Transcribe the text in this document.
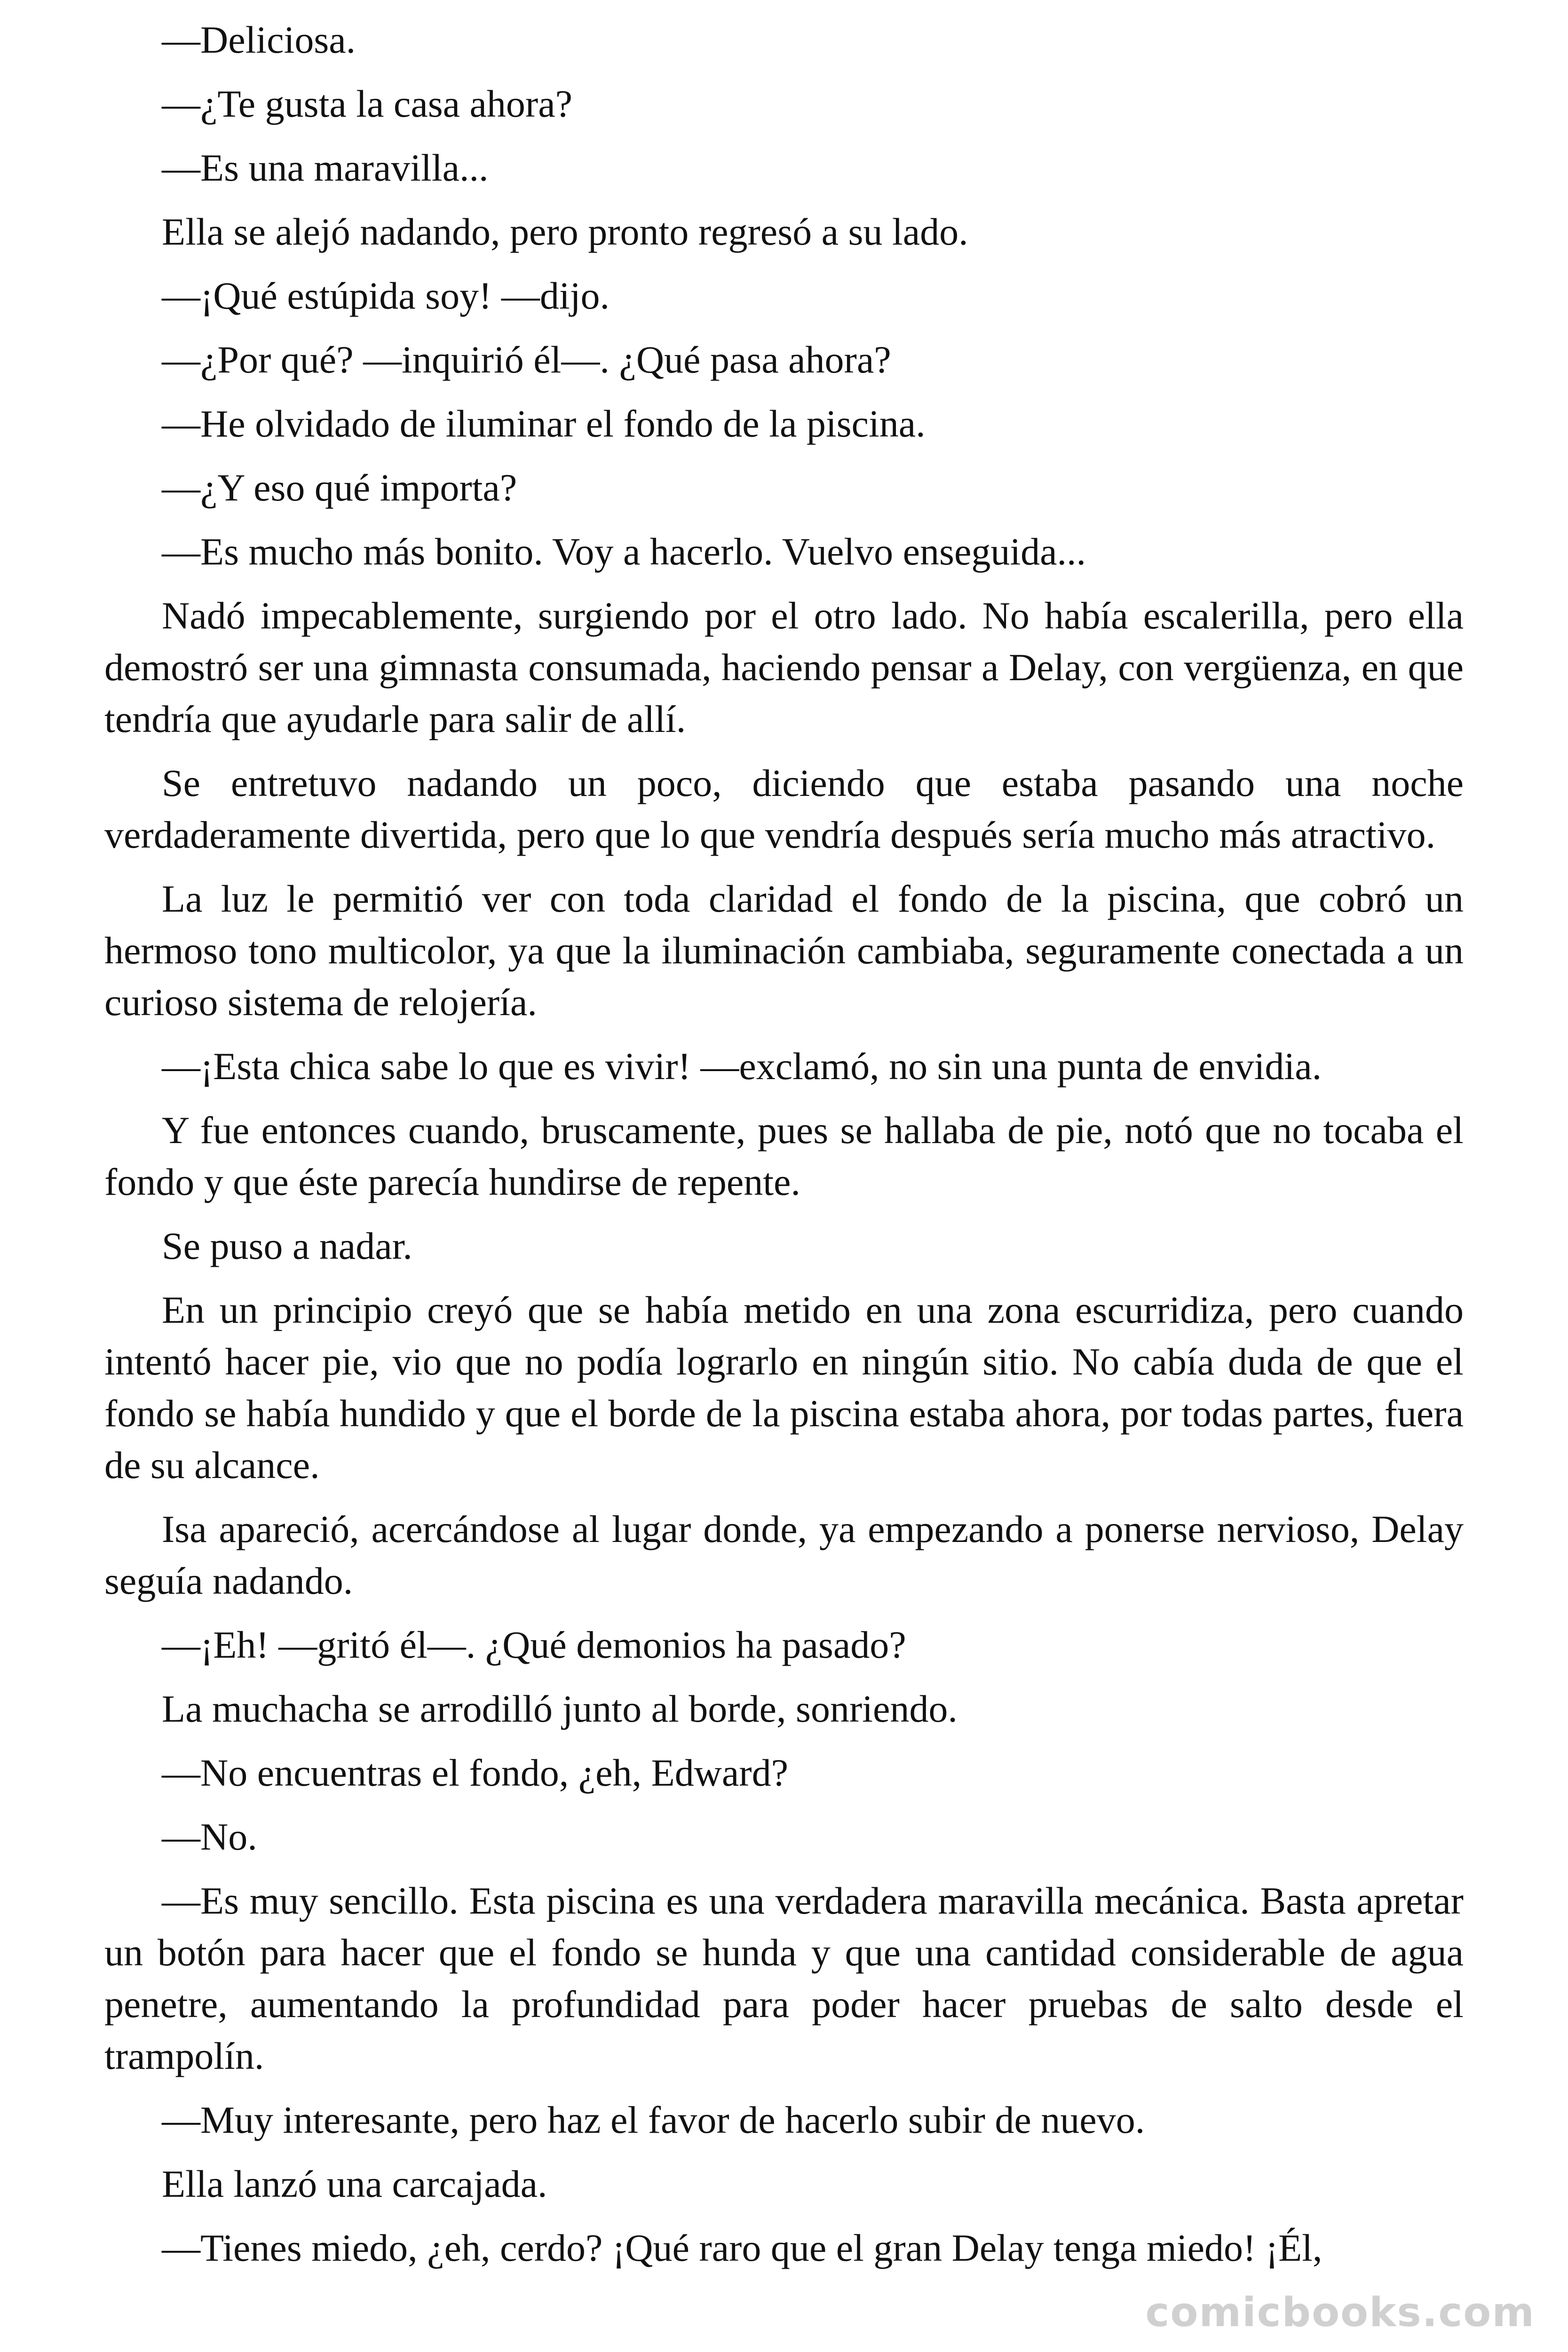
—Deliciosa.

—¿Te gusta la casa ahora?

—Es una maravilla...

Ella se alejó nadando, pero pronto regresó a su lado.

—¡Qué estúpida soy! —dijo.

—¿Por qué? —inquirió él—. ¿Qué pasa ahora?

—He olvidado de iluminar el fondo de la piscina.

—¿Y eso qué importa?

—Es mucho más bonito. Voy a hacerlo. Vuelvo enseguida...

Nadó impecablemente, surgiendo por el otro lado. No había escalerilla, pero ella demostró ser una gimnasta consumada, haciendo pensar a Delay, con vergüenza, en que tendría que ayudarle para salir de allí.

Se entretuvo nadando un poco, diciendo que estaba pasando una noche verdaderamente divertida, pero que lo que vendría después sería mucho más atractivo.

La luz le permitió ver con toda claridad el fondo de la piscina, que cobró un hermoso tono multicolor, ya que la iluminación cambiaba, seguramente conectada a un curioso sistema de relojería.

—¡Esta chica sabe lo que es vivir! —exclamó, no sin una punta de envidia.

Y fue entonces cuando, bruscamente, pues se hallaba de pie, notó que no tocaba el fondo y que éste parecía hundirse de repente.

Se puso a nadar.

En un principio creyó que se había metido en una zona escurridiza, pero cuando intentó hacer pie, vio que no podía lograrlo en ningún sitio. No cabía duda de que el fondo se había hundido y que el borde de la piscina estaba ahora, por todas partes, fuera de su alcance.

Isa apareció, acercándose al lugar donde, ya empezando a ponerse nervioso, Delay seguía nadando.

—¡Eh! —gritó él—. ¿Qué demonios ha pasado?

La muchacha se arrodilló junto al borde, sonriendo.

—No encuentras el fondo, ¿eh, Edward?

—No.

—Es muy sencillo. Esta piscina es una verdadera maravilla mecánica. Basta apretar un botón para hacer que el fondo se hunda y que una cantidad considerable de agua penetre, aumentando la profundidad para poder hacer pruebas de salto desde el trampolín.

—Muy interesante, pero haz el favor de hacerlo subir de nuevo.

Ella lanzó una carcajada.

—Tienes miedo, ¿eh, cerdo? ¡Qué raro que el gran Delay tenga miedo! ¡Él,

comicbooks.com
